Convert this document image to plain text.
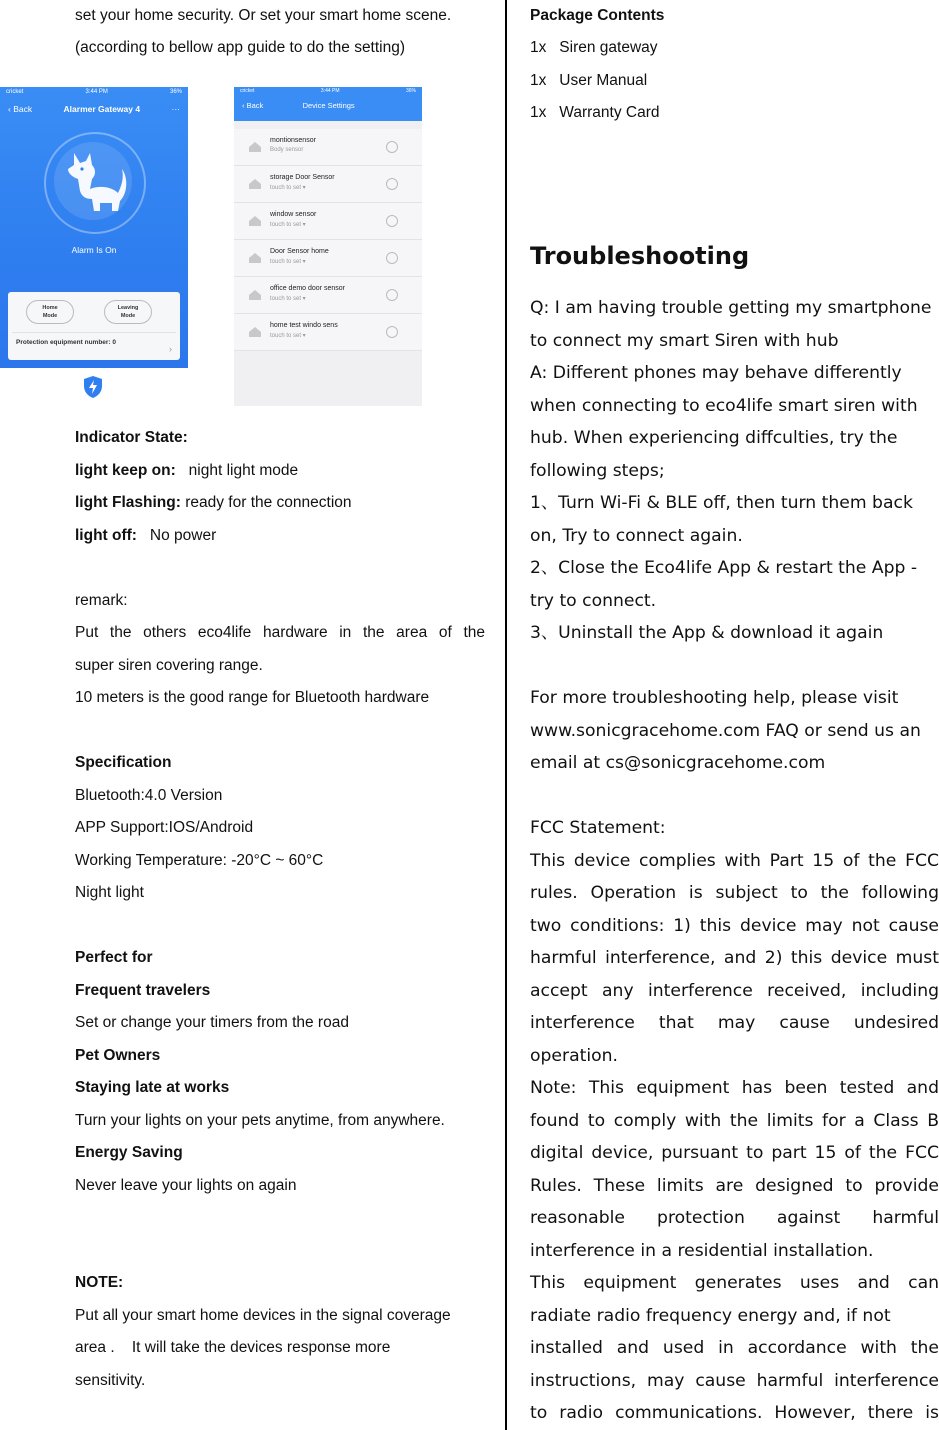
set your home security. Or set your smart home scene.
(according to bellow app guide to do the setting)
cricket	3:44 PM	36%
‹ Back	Alarmer Gateway 4	···
Alarm Is On
Home
Mode
Leaving
Mode
Protection equipment number: 0
›
cricket	3:44 PM	36%
‹ Back	Device Settings
montionsensor
Body sensor
storage Door Sensor
touch to set ▾
window sensor
touch to set ▾
Door Sensor home
touch to set ▾
office demo door sensor
touch to set ▾
home test windo sens
touch to set ▾
Indicator State:
light keep on: night light mode
light Flashing: ready for the connection
light off: No power
remark:
Put the others eco4life hardware in the area of the
super siren covering range.
10 meters is the good range for Bluetooth hardware
Specification
Bluetooth:4.0 Version
APP Support:IOS/Android
Working Temperature: -20°C ~ 60°C
Night light
Perfect for
Frequent travelers
Set or change your timers from the road
Pet Owners
Staying late at works
Turn your lights on your pets anytime, from anywhere.
Energy Saving
Never leave your lights on again
NOTE:
Put all your smart home devices in the signal coverage
area .    It will take the devices response more
sensitivity.
Package Contents
1x Siren gateway
1x User Manual
1x Warranty Card
Troubleshooting

Q: I am having trouble getting my smartphone

to connect my smart Siren with hub

A: Different phones may behave differently

when connecting to eco4life smart siren with

hub. When experiencing diffculties, try the

following steps;

1、Turn Wi-Fi & BLE off, then turn them back

on, Try to connect again.

2、Close the Eco4life App & restart the App -

try to connect.

3、Uninstall the App & download it again

For more troubleshooting help, please visit

www.sonicgracehome.com FAQ or send us an

email at cs@sonicgracehome.com

FCC Statement:

This device complies with Part 15 of the FCC

rules. Operation is subject to the following

two conditions: 1) this device may not cause

harmful interference, and 2) this device must

accept any interference received, including

interference that may cause undesired

operation.

Note: This equipment has been tested and

found to comply with the limits for a Class B

digital device, pursuant to part 15 of the FCC

Rules. These limits are designed to provide

reasonable protection against harmful

interference in a residential installation.

This equipment generates uses and can

radiate radio frequency energy and, if not

installed and used in accordance with the

instructions, may cause harmful interference

to radio communications. However, there is
